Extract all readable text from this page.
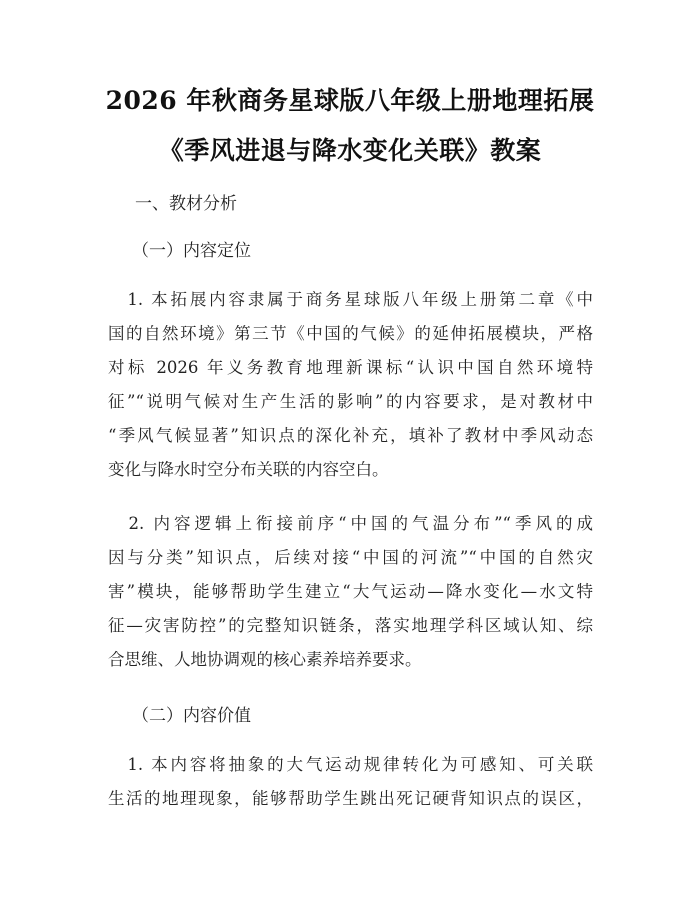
2026 年秋商务星球版八年级上册地理拓展
《季风进退与降水变化关联》教案
一、教材分析
（一）内容定位
　1. 本拓展内容隶属于商务星球版八年级上册第二章《中
国的自然环境》第三节《中国的气候》的延伸拓展模块，严格
对标 2026 年义务教育地理新课标“认识中国自然环境特
征”“说明气候对生产生活的影响”的内容要求，是对教材中
“季风气候显著”知识点的深化补充，填补了教材中季风动态
变化与降水时空分布关联的内容空白。
　2. 内容逻辑上衔接前序“中国的气温分布”“季风的成
因与分类”知识点，后续对接“中国的河流”“中国的自然灾
害”模块，能够帮助学生建立“大气运动—降水变化—水文特
征—灾害防控”的完整知识链条，落实地理学科区域认知、综
合思维、人地协调观的核心素养培养要求。
（二）内容价值
　1. 本内容将抽象的大气运动规律转化为可感知、可关联
生活的地理现象，能够帮助学生跳出死记硬背知识点的误区，
